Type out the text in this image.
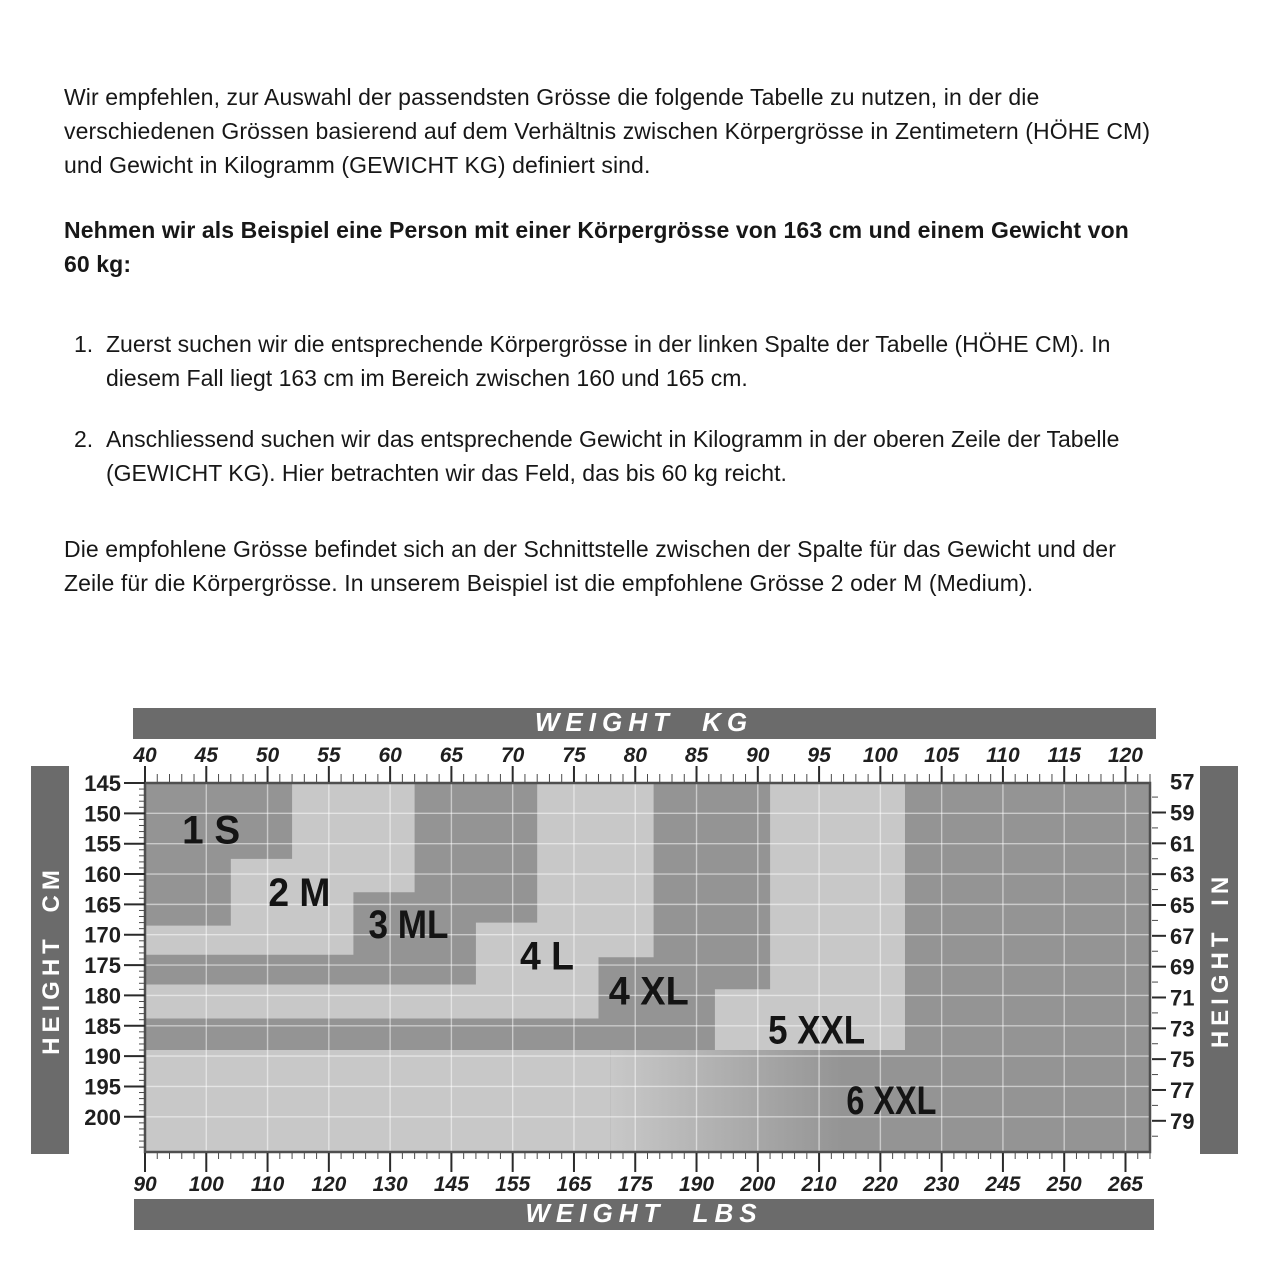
Wir empfehlen, zur Auswahl der passendsten Grösse die folgende Tabelle zu nutzen, in der die verschiedenen Grössen basierend auf dem Verhältnis zwischen Körpergrösse in Zentimetern (HÖHE CM) und Gewicht in Kilogramm (GEWICHT KG) definiert sind.

Nehmen wir als Beispiel eine Person mit einer Körpergrösse von 163 cm und einem Gewicht von 60 kg:

1. Zuerst suchen wir die entsprechende Körpergrösse in der linken Spalte der Tabelle (HÖHE CM). In diesem Fall liegt 163 cm im Bereich zwischen 160 und 165 cm.
2. Anschliessend suchen wir das entsprechende Gewicht in Kilogramm in der oberen Zeile der Tabelle (GEWICHT KG). Hier betrachten wir das Feld, das bis 60 kg reicht.

Die empfohlene Grösse befindet sich an der Schnittstelle zwischen der Spalte für das Gewicht und der Zeile für die Körpergrösse. In unserem Beispiel ist die empfohlene Grösse 2 oder M (Medium).

1 S
2 M
3 ML
4 L
4 XL
5 XXL
6 XXL
WEIGHT KG
40 45 50 55 60 65 70 75 80 85 90 95 100 105 110 115 120
90 100 110 120 130 145 155 165 175 190 200 210 220 230 245 250 265
WEIGHT LBS
HEIGHT CM
145
150
155
160
165
170
175
180
185
190
195
200
HEIGHT IN
57
59
61
63
65
67
69
71
73
75
77
79
